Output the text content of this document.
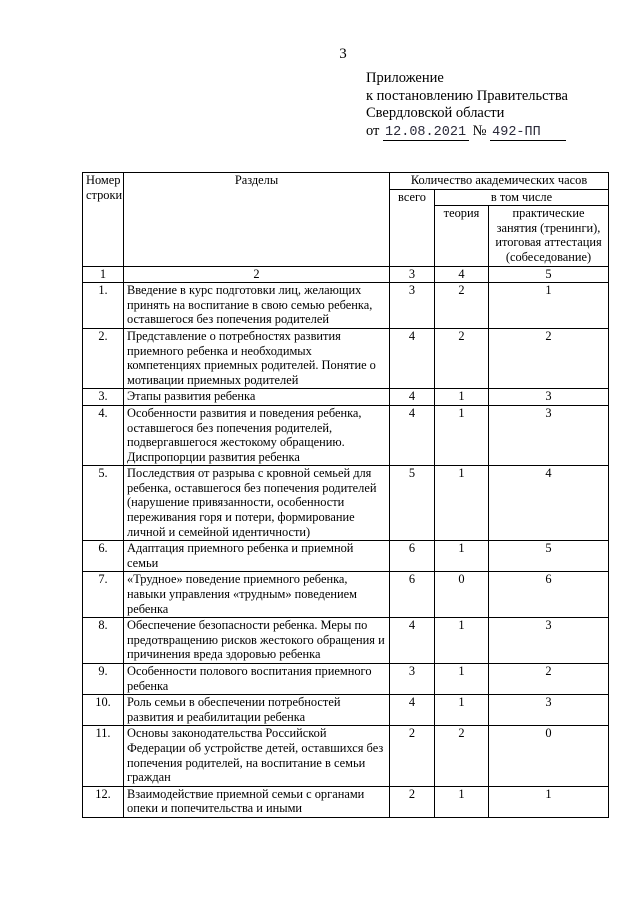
3
Приложение
к постановлению Правительства
Свердловской области
от 12.08.2021 № 492-ПП
Номер строки	Разделы	Количество академических часов		
		всего	в том числе	
			теория	практические занятия (тренинги), итоговая аттестация (собеседование)
1	2	3	4	5
1.	Введение в курс подготовки лиц, желающих принять на воспитание в свою семью ребенка, оставшегося без попечения родителей	3	2	1
2.	Представление о потребностях развития приемного ребенка и необходимых компетенциях приемных родителей. Понятие о мотивации приемных родителей	4	2	2
3.	Этапы развития ребенка	4	1	3
4.	Особенности развития и поведения ребенка, оставшегося без попечения родителей, подвергавшегося жестокому обращению. Диспропорции развития ребенка	4	1	3
5.	Последствия от разрыва с кровной семьей для ребенка, оставшегося без попечения родителей (нарушение привязанности, особенности переживания горя и потери, формирование личной и семейной идентичности)	5	1	4
6.	Адаптация приемного ребенка и приемной семьи	6	1	5
7.	«Трудное» поведение приемного ребенка, навыки управления «трудным» поведением ребенка	6	0	6
8.	Обеспечение безопасности ребенка. Меры по предотвращению рисков жестокого обращения и причинения вреда здоровью ребенка	4	1	3
9.	Особенности полового воспитания приемного ребенка	3	1	2
10.	Роль семьи в обеспечении потребностей развития и реабилитации ребенка	4	1	3
11.	Основы законодательства Российской Федерации об устройстве детей, оставшихся без попечения родителей, на воспитание в семьи граждан	2	2	0
12.	Взаимодействие приемной семьи с органами опеки и попечительства и иными	2	1	1
